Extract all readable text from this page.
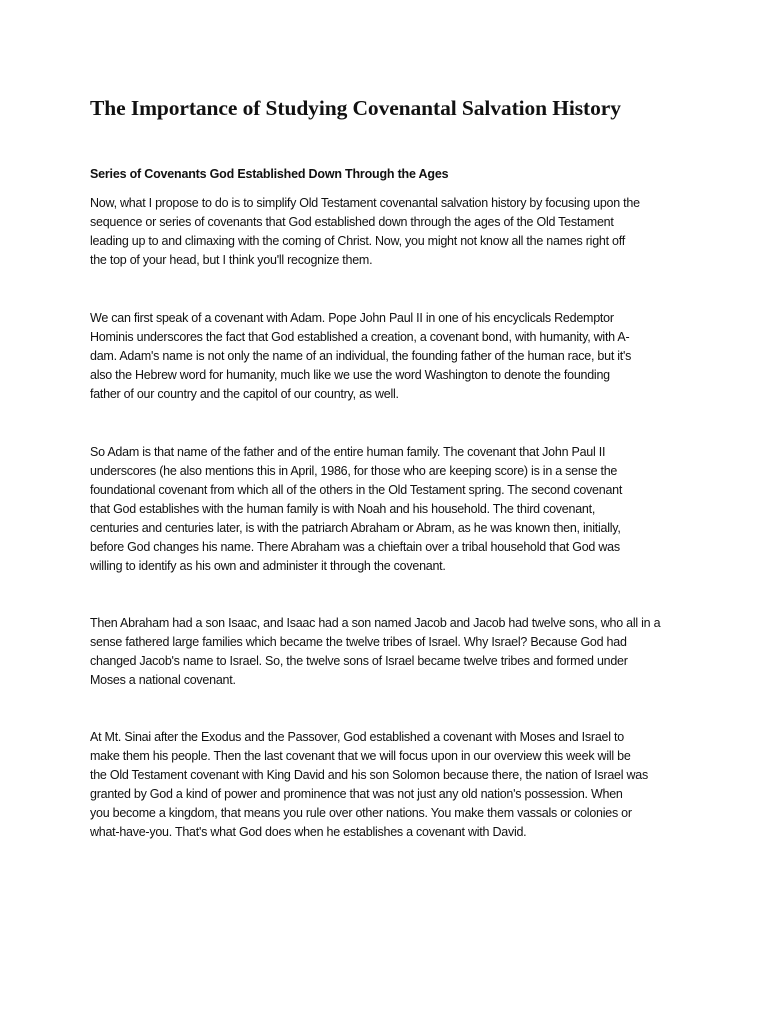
The Importance of Studying Covenantal Salvation History
Series of Covenants God Established Down Through the Ages

Now, what I propose to do is to simplify Old Testament covenantal salvation history by focusing upon the
sequence or series of covenants that God established down through the ages of the Old Testament
leading up to and climaxing with the coming of Christ. Now, you might not know all the names right off
the top of your head, but I think you'll recognize them.

We can first speak of a covenant with Adam. Pope John Paul II in one of his encyclicals Redemptor
Hominis underscores the fact that God established a creation, a covenant bond, with humanity, with A-
dam. Adam's name is not only the name of an individual, the founding father of the human race, but it's
also the Hebrew word for humanity, much like we use the word Washington to denote the founding
father of our country and the capitol of our country, as well.

So Adam is that name of the father and of the entire human family. The covenant that John Paul II
underscores (he also mentions this in April, 1986, for those who are keeping score) is in a sense the
foundational covenant from which all of the others in the Old Testament spring. The second covenant
that God establishes with the human family is with Noah and his household. The third covenant,
centuries and centuries later, is with the patriarch Abraham or Abram, as he was known then, initially,
before God changes his name. There Abraham was a chieftain over a tribal household that God was
willing to identify as his own and administer it through the covenant.

Then Abraham had a son Isaac, and Isaac had a son named Jacob and Jacob had twelve sons, who all in a
sense fathered large families which became the twelve tribes of Israel. Why Israel? Because God had
changed Jacob's name to Israel. So, the twelve sons of Israel became twelve tribes and formed under
Moses a national covenant.

At Mt. Sinai after the Exodus and the Passover, God established a covenant with Moses and Israel to
make them his people. Then the last covenant that we will focus upon in our overview this week will be
the Old Testament covenant with King David and his son Solomon because there, the nation of Israel was
granted by God a kind of power and prominence that was not just any old nation's possession. When
you become a kingdom, that means you rule over other nations. You make them vassals or colonies or
what-have-you. That's what God does when he establishes a covenant with David.
